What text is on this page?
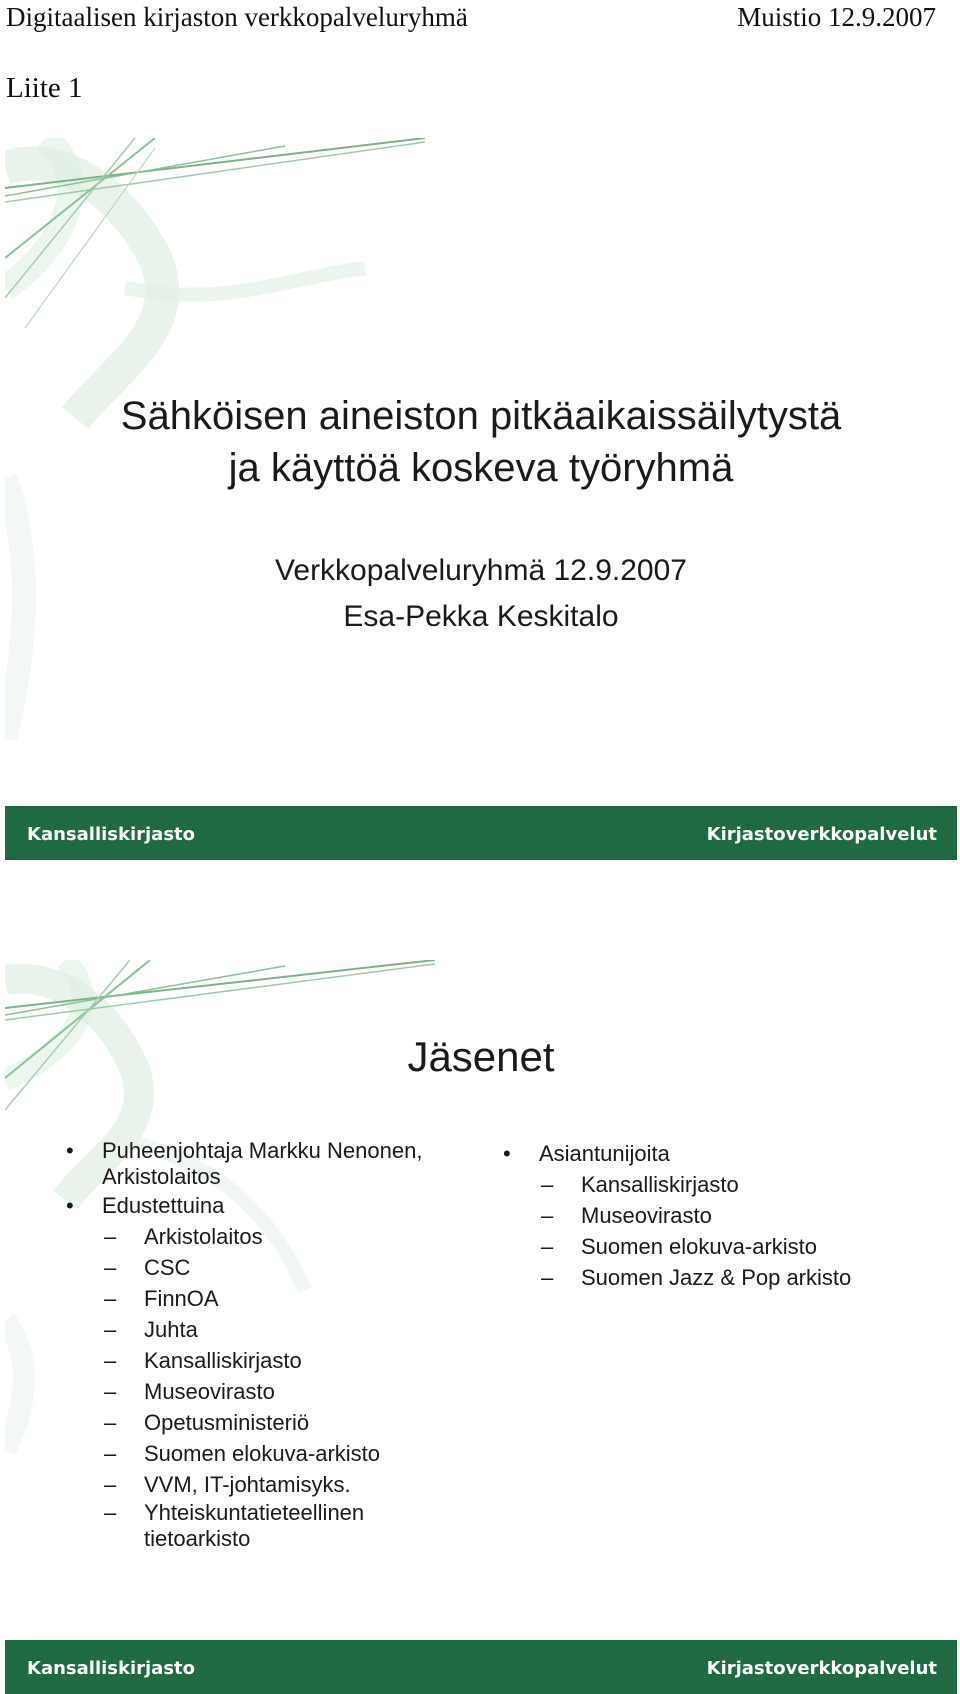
Digitaalisen kirjaston verkkopalveluryhmä	Muistio 12.9.2007
Liite 1
Sähköisen aineiston pitkäaikaissäilytystä
ja käyttöä koskeva työryhmä
Verkkopalveluryhmä 12.9.2007
Esa-Pekka Keskitalo
Kansalliskirjasto	Kirjastoverkkopalvelut
Jäsenet
• Puheenjohtaja Markku Nenonen,
Arkistolaitos
• Edustettuina
– Arkistolaitos
– CSC
– FinnOA
– Juhta
– Kansalliskirjasto
– Museovirasto
– Opetusministeriö
– Suomen elokuva-arkisto
– VVM, IT-johtamisyks.
– Yhteiskuntatieteellinen
tietoarkisto
• Asiantunijoita
– Kansalliskirjasto
– Museovirasto
– Suomen elokuva-arkisto
– Suomen Jazz & Pop arkisto
Kansalliskirjasto	Kirjastoverkkopalvelut
